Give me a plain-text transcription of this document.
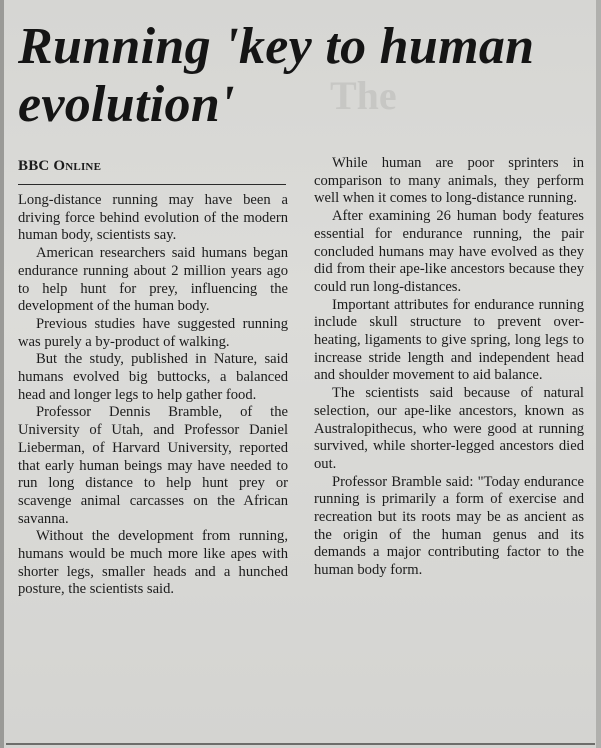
The
Running 'key to human evolution'
BBC Online

Long-distance running may have been a driving force behind evolution of the modern human body, scientists say.

American researchers said humans began endurance running about 2 million years ago to help hunt for prey, influencing the development of the human body.

Previous studies have suggested running was purely a by-product of walking.

But the study, published in Nature, said humans evolved big buttocks, a balanced head and longer legs to help gather food.

Professor Dennis Bramble, of the University of Utah, and Professor Daniel Lieberman, of Harvard University, reported that early human beings may have needed to run long distance to help hunt prey or scavenge animal carcasses on the African savanna.

Without the development from running, humans would be much more like apes with shorter legs, smaller heads and a hunched posture, the scientists said.

While human are poor sprinters in comparison to many animals, they perform well when it comes to long-distance running.

After examining 26 human body features essential for endurance running, the pair concluded humans may have evolved as they did from their ape-like ancestors because they could run long-distances.

Important attributes for endurance running include skull structure to prevent over-heating, ligaments to give spring, long legs to increase stride length and independent head and shoulder movement to aid balance.

The scientists said because of natural selection, our ape-like ancestors, known as Australopithecus, who were good at running survived, while shorter-legged ancestors died out.

Professor Bramble said: "Today endurance running is primarily a form of exercise and recreation but its roots may be as ancient as the origin of the human genus and its demands a major contributing factor to the human body form.
